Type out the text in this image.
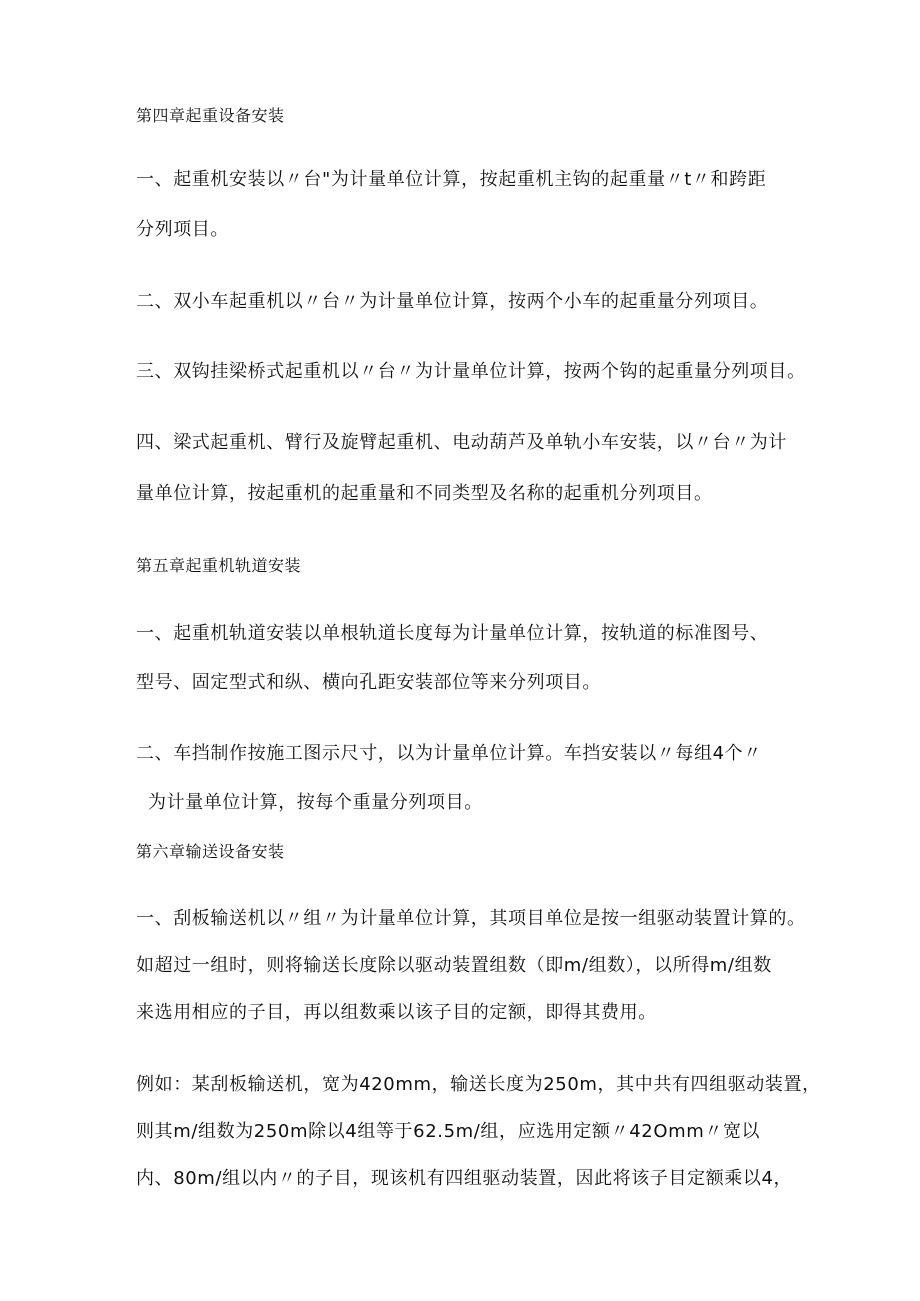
第四章起重设备安装

一、起重机安装以〃台"为计量单位计算，按起重机主钩的起重量〃t〃和跨距

分列项目。

二、双小车起重机以〃台〃为计量单位计算，按两个小车的起重量分列项目。

三、双钩挂梁桥式起重机以〃台〃为计量单位计算，按两个钩的起重量分列项目。

四、梁式起重机、臂行及旋臂起重机、电动葫芦及单轨小车安装，以〃台〃为计

量单位计算，按起重机的起重量和不同类型及名称的起重机分列项目。

第五章起重机轨道安装

一、起重机轨道安装以单根轨道长度每为计量单位计算，按轨道的标准图号、

型号、固定型式和纵、横向孔距安装部位等来分列项目。

二、车挡制作按施工图示尺寸，以为计量单位计算。车挡安装以〃每组4个〃

为计量单位计算，按每个重量分列项目。

第六章输送设备安装

一、刮板输送机以〃组〃为计量单位计算，其项目单位是按一组驱动装置计算的。

如超过一组时，则将输送长度除以驱动装置组数（即m/组数），以所得m/组数

来选用相应的子目，再以组数乘以该子目的定额，即得其费用。

例如：某刮板输送机，宽为420mm，输送长度为250m，其中共有四组驱动装置，

则其m/组数为250m除以4组等于62.5m/组，应选用定额〃42Omm〃宽以

内、80m/组以内〃的子目，现该机有四组驱动装置，因此将该子目定额乘以4，
